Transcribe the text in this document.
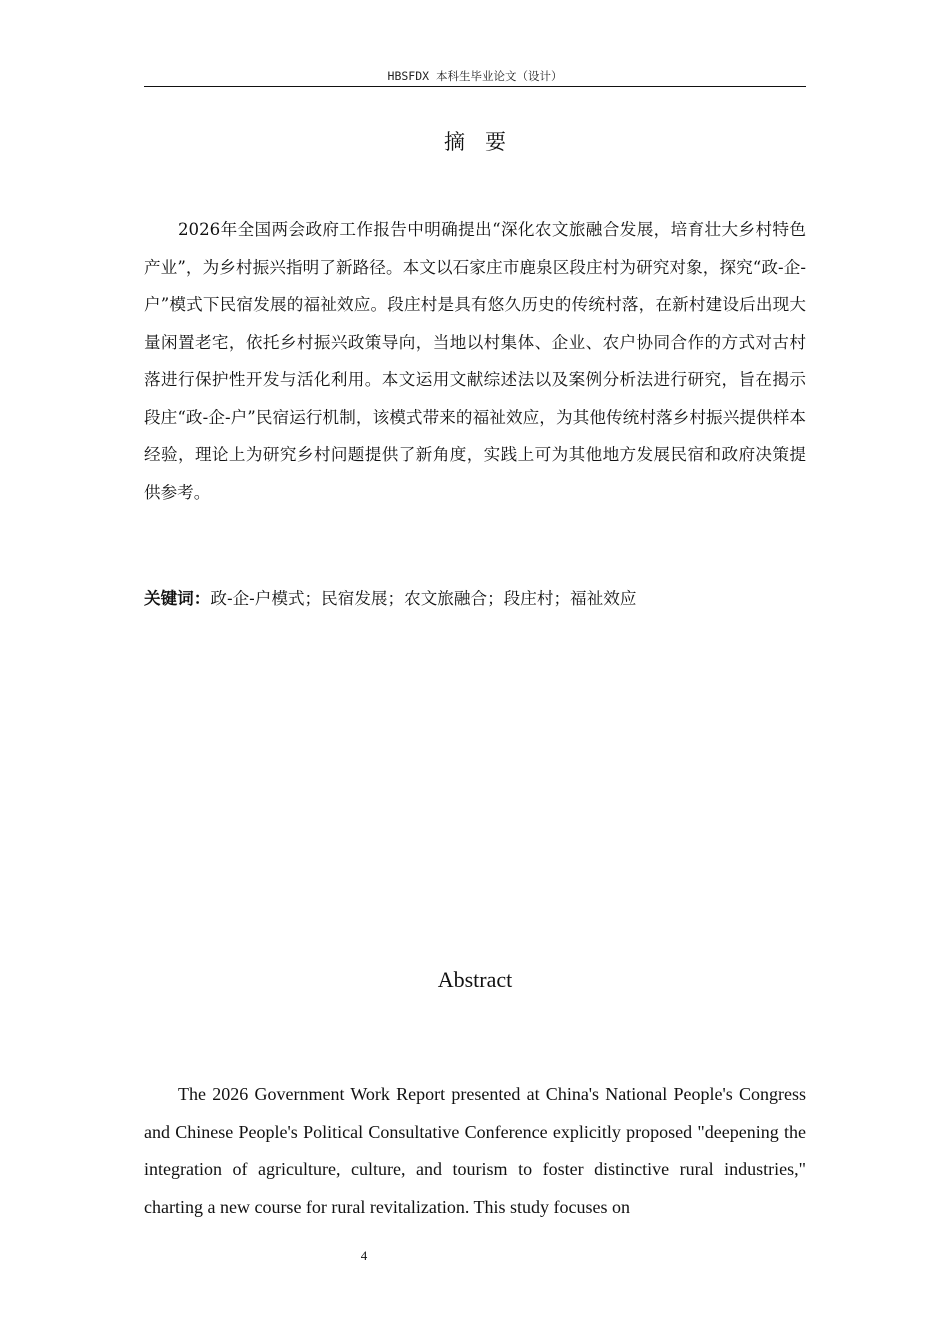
HBSFDX 本科生毕业论文（设计）
摘要

2026年全国两会政府工作报告中明确提出“深化农文旅融合发展，培育壮大乡村特色产业”，为乡村振兴指明了新路径。本文以石家庄市鹿泉区段庄村为研究对象，探究“政-企-户”模式下民宿发展的福祉效应。段庄村是具有悠久历史的传统村落，在新村建设后出现大量闲置老宅，依托乡村振兴政策导向，当地以村集体、企业、农户协同合作的方式对古村落进行保护性开发与活化利用。本文运用文献综述法以及案例分析法进行研究，旨在揭示段庄“政-企-户”民宿运行机制，该模式带来的福祉效应，为其他传统村落乡村振兴提供样本经验，理论上为研究乡村问题提供了新角度，实践上可为其他地方发展民宿和政府决策提供参考。

关键词：政-企-户模式；民宿发展；农文旅融合；段庄村；福祉效应

Abstract

The 2026 Government Work Report presented at China's National People's Congress and Chinese People's Political Consultative Conference explicitly proposed "deepening the integration of agriculture, culture, and tourism to foster distinctive rural industries," charting a new course for rural revitalization. This study focuses on

4
